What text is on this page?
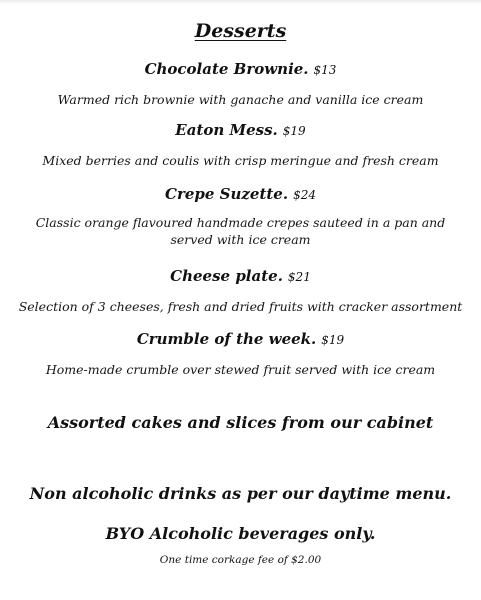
Desserts
Chocolate Brownie. $13
Warmed rich brownie with ganache and vanilla ice cream
Eaton Mess. $19
Mixed berries and coulis with crisp meringue and fresh cream
Crepe Suzette. $24
Classic orange flavoured handmade crepes sauteed in a pan and served with ice cream
Cheese plate. $21
Selection of 3 cheeses, fresh and dried fruits with cracker assortment
Crumble of the week. $19
Home-made crumble over stewed fruit served with ice cream
Assorted cakes and slices from our cabinet
Non alcoholic drinks as per our daytime menu.
BYO Alcoholic beverages only.
One time corkage fee of $2.00
